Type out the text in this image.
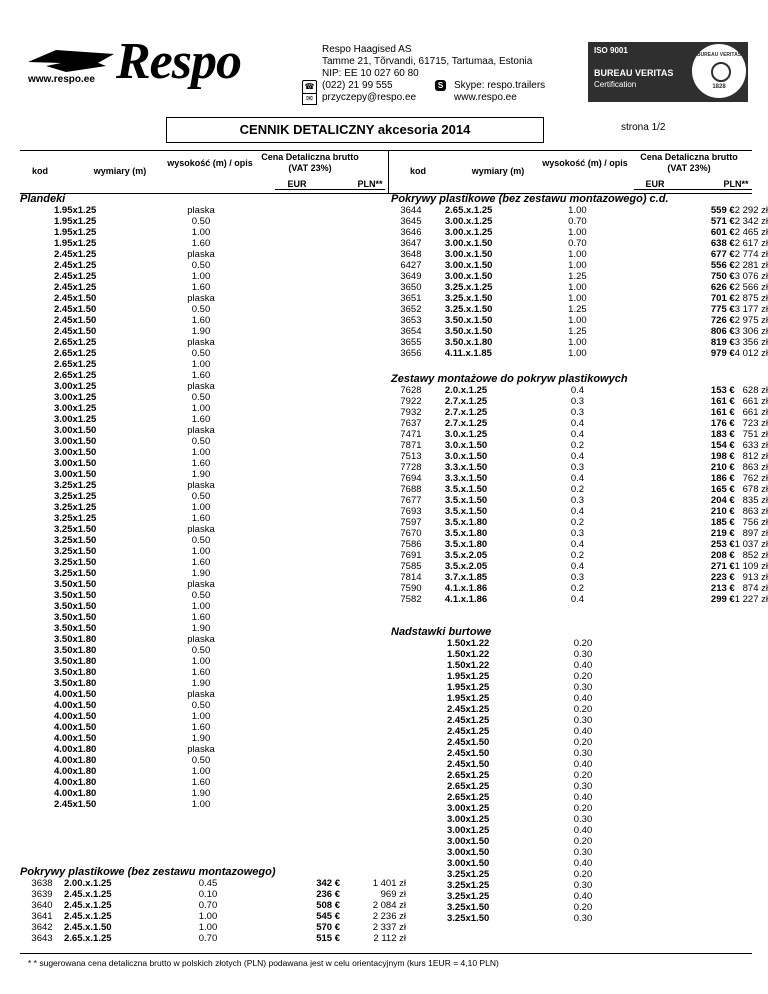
www.respo.ee Respo	Respo Haagised AS
Tamme 21, Tõrvandi, 61715, Tartumaa, Estonia
NIP: EE 10 027 60 80
☎
✉
(022) 21 99 555
przyczepy@respo.ee
S Skype: respo.trailers
www.respo.ee
ISO 9001
BUREAU VERITAS
Certification
BUREAU VERITAS
1828
CENNIK DETALICZNY akcesoria 2014	strona 1/2
kod	wymiary (m)
wysokość (m) / opis
Cena Detaliczna brutto (VAT 23%)
EUR	PLN**
kod	wymiary (m)
wysokość (m) / opis
Cena Detaliczna brutto (VAT 23%)
EUR	PLN**
Plandeki
	1.95x1.25	plaska
	1.95x1.25	0.50
	1.95x1.25	1.00
	1.95x1.25	1.60
	2.45x1.25	plaska
	2.45x1.25	0.50
	2.45x1.25	1.00
	2.45x1.25	1.60
	2.45x1.50	plaska
	2.45x1.50	0.50
	2.45x1.50	1.60
	2.45x1.50	1.90
	2.65x1.25	plaska
	2.65x1.25	0.50
	2.65x1.25	1.00
	2.65x1.25	1.60
	3.00x1.25	plaska
	3.00x1.25	0.50
	3.00x1.25	1.00
	3.00x1.25	1.60
	3.00x1.50	plaska
	3.00x1.50	0.50
	3.00x1.50	1.00
	3.00x1.50	1.60
	3.00x1.50	1.90
	3.25x1.25	plaska
	3.25x1.25	0.50
	3.25x1.25	1.00
	3.25x1.25	1.60
	3.25x1.50	plaska
	3.25x1.50	0.50
	3.25x1.50	1.00
	3.25x1.50	1.60
	3.25x1.50	1.90
	3.50x1.50	plaska
	3.50x1.50	0.50
	3.50x1.50	1.00
	3.50x1.50	1.60
	3.50x1.50	1.90
	3.50x1.80	plaska
	3.50x1.80	0.50
	3.50x1.80	1.00
	3.50x1.80	1.60
	3.50x1.80	1.90
	4.00x1.50	plaska
	4.00x1.50	0.50
	4.00x1.50	1.00
	4.00x1.50	1.60
	4.00x1.50	1.90
	4.00x1.80	plaska
	4.00x1.80	0.50
	4.00x1.80	1.00
	4.00x1.80	1.60
	4.00x1.80	1.90
	2.45x1.50	1.00
Pokrywy plastikowe (bez zestawu montazowego)
3638	2.00.x.1.25	0.45	342 €	1 401 zł
3639	2.45.x.1.25	0.10	236 €	969 zł
3640	2.45.x.1.25	0.70	508 €	2 084 zł
3641	2.45.x.1.25	1.00	545 €	2 236 zł
3642	2.45.x.1.50	1.00	570 €	2 337 zł
3643	2.65.x.1.25	0.70	515 €	2 112 zł
Pokrywy plastikowe (bez zestawu montazowego) c.d.
3644	2.65.x.1.25	1.00	559 €	2 292 zł
3645	3.00.x.1.25	0.70	571 €	2 342 zł
3646	3.00.x.1.25	1.00	601 €	2 465 zł
3647	3.00.x.1.50	0.70	638 €	2 617 zł
3648	3.00.x.1.50	1.00	677 €	2 774 zł
6427	3.00.x.1.50	1.00	556 €	2 281 zł
3649	3.00.x.1.50	1.25	750 €	3 076 zł
3650	3.25.x.1.25	1.00	626 €	2 566 zł
3651	3.25.x.1.50	1.00	701 €	2 875 zł
3652	3.25.x.1.50	1.25	775 €	3 177 zł
3653	3.50.x.1.50	1.00	726 €	2 975 zł
3654	3.50.x.1.50	1.25	806 €	3 306 zł
3655	3.50.x.1.80	1.00	819 €	3 356 zł
3656	4.11.x.1.85	1.00	979 €	4 012 zł
Zestawy montażowe do pokryw plastikowych
7628	2.0.x.1.25	0.4	153 €	628 zł
7922	2.7.x.1.25	0.3	161 €	661 zł
7932	2.7.x.1.25	0.3	161 €	661 zł
7637	2.7.x.1.25	0.4	176 €	723 zł
7471	3.0.x.1.25	0.4	183 €	751 zł
7871	3.0.x.1.50	0.2	154 €	633 zł
7513	3.0.x.1.50	0.4	198 €	812 zł
7728	3.3.x.1.50	0.3	210 €	863 zł
7694	3.3.x.1.50	0.4	186 €	762 zł
7688	3.5.x.1.50	0.2	165 €	678 zł
7677	3.5.x.1.50	0.3	204 €	835 zł
7693	3.5.x.1.50	0.4	210 €	863 zł
7597	3.5.x.1.80	0.2	185 €	756 zł
7670	3.5.x.1.80	0.3	219 €	897 zł
7586	3.5.x.1.80	0.4	253 €	1 037 zł
7691	3.5.x.2.05	0.2	208 €	852 zł
7585	3.5.x.2.05	0.4	271 €	1 109 zł
7814	3.7.x.1.85	0.3	223 €	913 zł
7590	4.1.x.1.86	0.2	213 €	874 zł
7582	4.1.x.1.86	0.4	299 €	1 227 zł
Nadstawki burtowe
	1.50x1.22	0.20
	1.50x1.22	0.30
	1.50x1.22	0.40
	1.95x1.25	0.20
	1.95x1.25	0.30
	1.95x1.25	0.40
	2.45x1.25	0.20
	2.45x1.25	0.30
	2.45x1.25	0.40
	2.45x1.50	0.20
	2.45x1.50	0.30
	2.45x1.50	0.40
	2.65x1.25	0.20
	2.65x1.25	0.30
	2.65x1.25	0.40
	3.00x1.25	0.20
	3.00x1.25	0.30
	3.00x1.25	0.40
	3.00x1.50	0.20
	3.00x1.50	0.30
	3.00x1.50	0.40
	3.25x1.25	0.20
	3.25x1.25	0.30
	3.25x1.25	0.40
	3.25x1.50	0.20
	3.25x1.50	0.30
* * sugerowana cena detaliczna brutto w polskich złotych (PLN) podawana jest w celu orientacyjnym (kurs 1EUR = 4,10 PLN)
